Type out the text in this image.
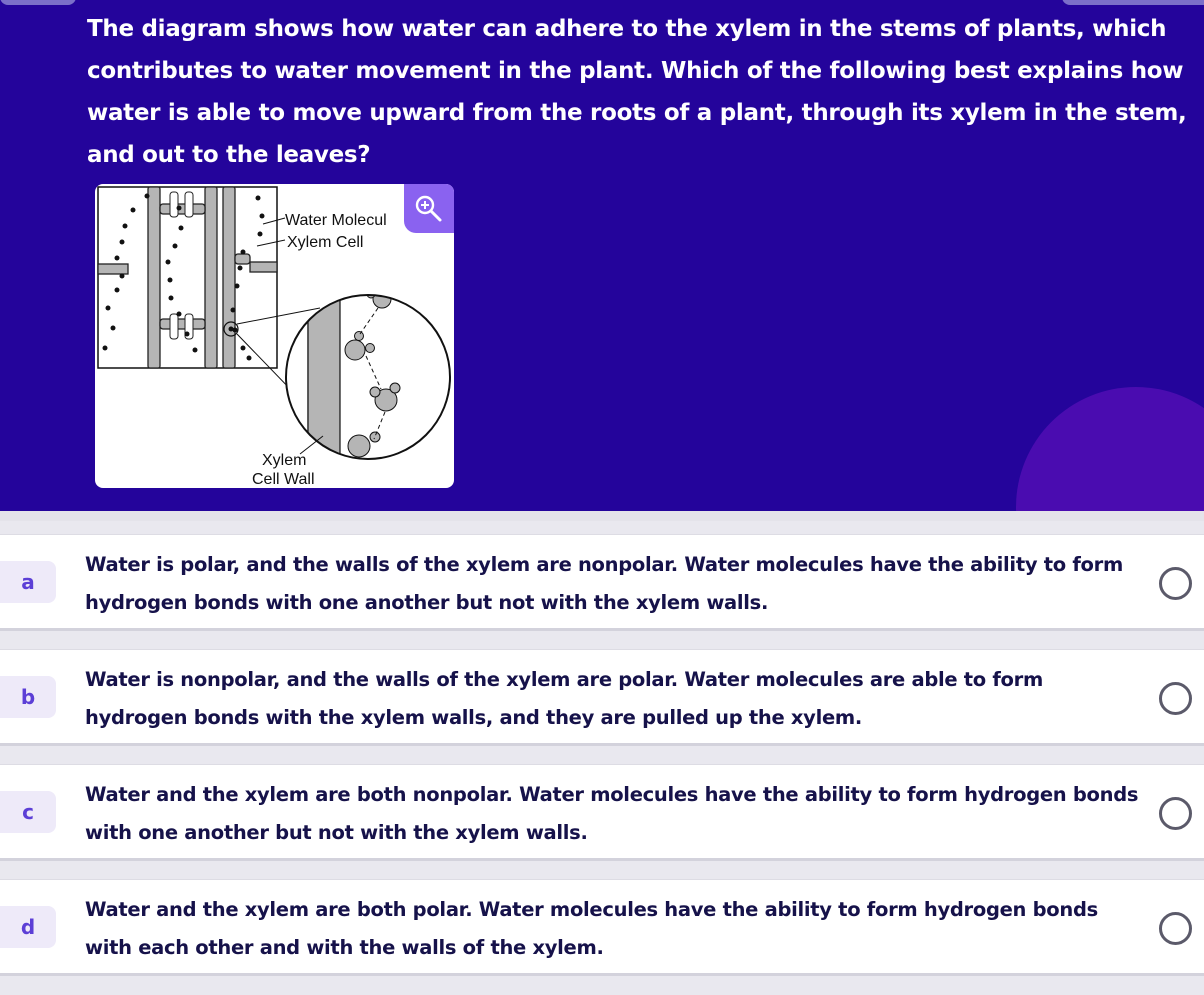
The diagram shows how water can adhere to the xylem in the stems of plants, which contributes to water movement in the plant. Which of the following best explains how water is able to move upward from the roots of a plant, through its xylem in the stem, and out to the leaves?
Water Molecul
Xylem Cell
Xylem
Cell Wall
a
Water is polar, and the walls of the xylem are nonpolar. Water molecules have the ability to form hydrogen bonds with one another but not with the xylem walls.
b
Water is nonpolar, and the walls of the xylem are polar. Water molecules are able to form hydrogen bonds with the xylem walls, and they are pulled up the xylem.
c
Water and the xylem are both nonpolar. Water molecules have the ability to form hydrogen bonds with one another but not with the xylem walls.
d
Water and the xylem are both polar. Water molecules have the ability to form hydrogen bonds with each other and with the walls of the xylem.
